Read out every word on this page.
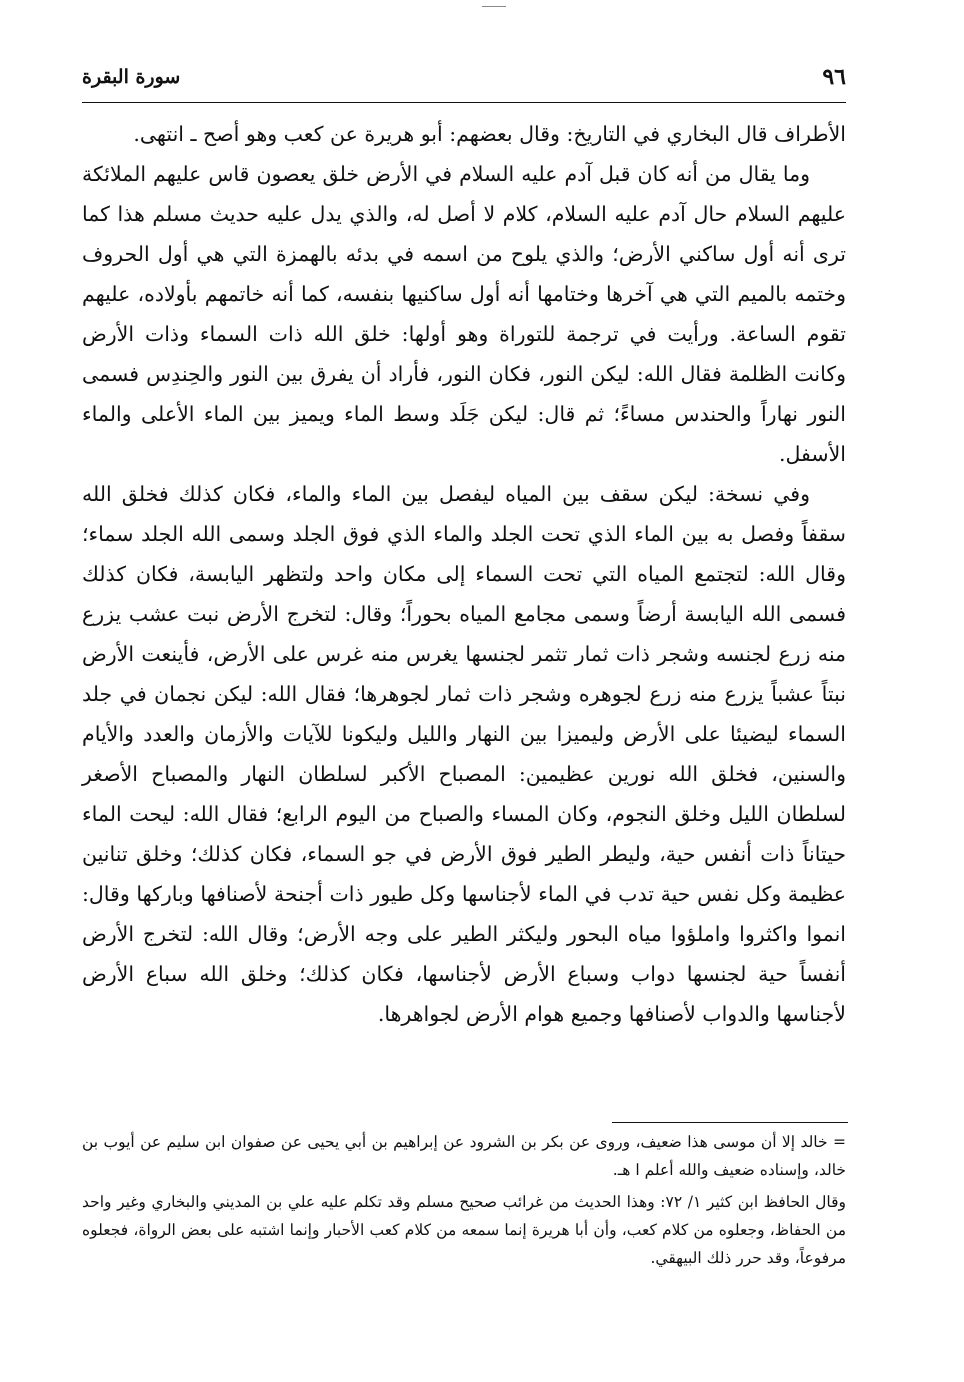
٩٦
سورة البقرة

الأطراف قال البخاري في التاريخ: وقال بعضهم: أبو هريرة عن كعب وهو أصح ـ انتهى.

وما يقال من أنه كان قبل آدم عليه السلام في الأرض خلق يعصون قاس عليهم الملائكة عليهم السلام حال آدم عليه السلام، كلام لا أصل له، والذي يدل عليه حديث مسلم هذا كما ترى أنه أول ساكني الأرض؛ والذي يلوح من اسمه في بدئه بالهمزة التي هي أول الحروف وختمه بالميم التي هي آخرها وختامها أنه أول ساكنيها بنفسه، كما أنه خاتمهم بأولاده، عليهم تقوم الساعة. ورأيت في ترجمة للتوراة وهو أولها: خلق الله ذات السماء وذات الأرض وكانت الظلمة فقال الله: ليكن النور، فكان النور، فأراد أن يفرق بين النور والحِندِس فسمى النور نهاراً والحندس مساءً؛ ثم قال: ليكن جَلَد وسط الماء ويميز بين الماء الأعلى والماء الأسفل.

وفي نسخة: ليكن سقف بين المياه ليفصل بين الماء والماء، فكان كذلك فخلق الله سقفاً وفصل به بين الماء الذي تحت الجلد والماء الذي فوق الجلد وسمى الله الجلد سماء؛ وقال الله: لتجتمع المياه التي تحت السماء إلى مكان واحد ولتظهر اليابسة، فكان كذلك فسمى الله اليابسة أرضاً وسمى مجامع المياه بحوراً؛ وقال: لتخرج الأرض نبت عشب يزرع منه زرع لجنسه وشجر ذات ثمار تثمر لجنسها يغرس منه غرس على الأرض، فأينعت الأرض نبتاً عشباً يزرع منه زرع لجوهره وشجر ذات ثمار لجوهرها؛ فقال الله: ليكن نجمان في جلد السماء ليضيئا على الأرض وليميزا بين النهار والليل وليكونا للآيات والأزمان والعدد والأيام والسنين، فخلق الله نورين عظيمين: المصباح الأكبر لسلطان النهار والمصباح الأصغر لسلطان الليل وخلق النجوم، وكان المساء والصباح من اليوم الرابع؛ فقال الله: ليحت الماء حيتاناً ذات أنفس حية، وليطر الطير فوق الأرض في جو السماء، فكان كذلك؛ وخلق تنانين عظيمة وكل نفس حية تدب في الماء لأجناسها وكل طيور ذات أجنحة لأصنافها وباركها وقال: انموا واكثروا واملؤوا مياه البحور وليكثر الطير على وجه الأرض؛ وقال الله: لتخرج الأرض أنفساً حية لجنسها دواب وسباع الأرض لأجناسها، فكان كذلك؛ وخلق الله سباع الأرض لأجناسها والدواب لأصنافها وجميع هوام الأرض لجواهرها.

= خالد إلا أن موسى هذا ضعيف، وروى عن بكر بن الشرود عن إبراهيم بن أبي يحيى عن صفوان ابن سليم عن أيوب بن خالد، وإسناده ضعيف والله أعلم ا هـ.

وقال الحافظ ابن كثير ١/ ٧٢: وهذا الحديث من غرائب صحيح مسلم وقد تكلم عليه علي بن المديني والبخاري وغير واحد من الحفاظ، وجعلوه من كلام كعب، وأن أبا هريرة إنما سمعه من كلام كعب الأحبار وإنما اشتبه على بعض الرواة، فجعلوه مرفوعاً، وقد حرر ذلك البيهقي.
